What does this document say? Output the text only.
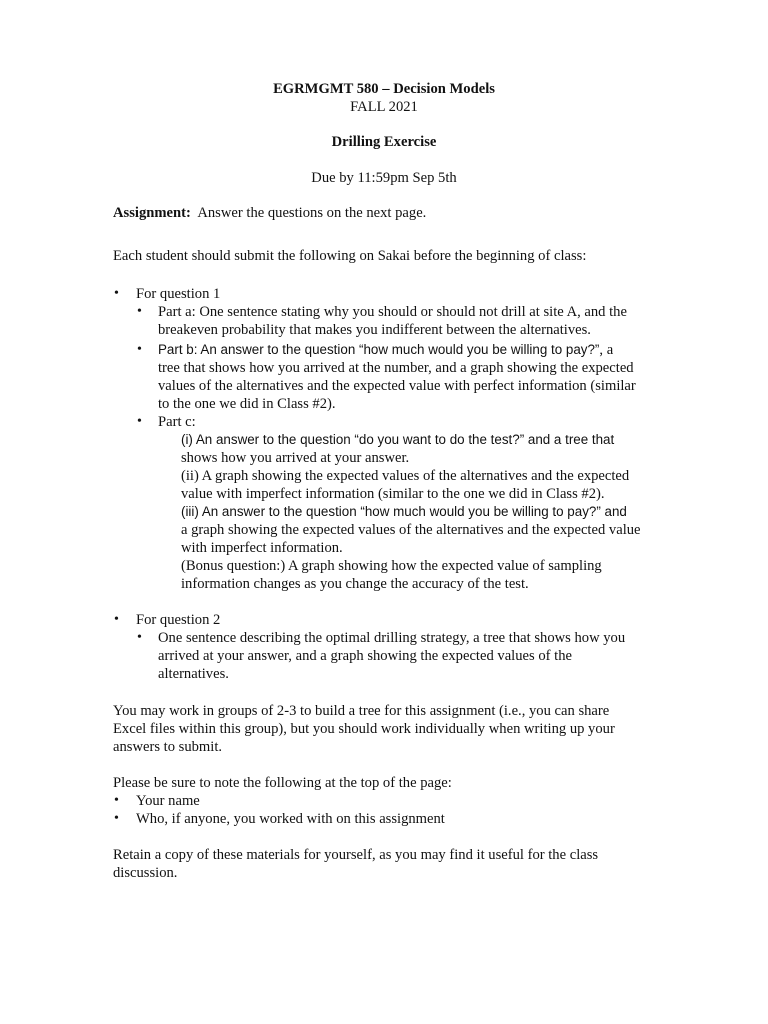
EGRMGMT 580 – Decision Models
FALL 2021
Drilling Exercise
Due by 11:59pm Sep 5th
Assignment: Answer the questions on the next page.
Each student should submit the following on Sakai before the beginning of class:
• For question 1
• Part a: One sentence stating why you should or should not drill at site A, and the
breakeven probability that makes you indifferent between the alternatives.
• Part b: An answer to the question “how much would you be willing to pay?”, a
tree that shows how you arrived at the number, and a graph showing the expected
values of the alternatives and the expected value with perfect information (similar
to the one we did in Class #2).
• Part c:
(i) An answer to the question “do you want to do the test?” and a tree that
shows how you arrived at your answer.
(ii) A graph showing the expected values of the alternatives and the expected
value with imperfect information (similar to the one we did in Class #2).
(iii) An answer to the question “how much would you be willing to pay?” and
a graph showing the expected values of the alternatives and the expected value
with imperfect information.
(Bonus question:) A graph showing how the expected value of sampling
information changes as you change the accuracy of the test.
• For question 2
• One sentence describing the optimal drilling strategy, a tree that shows how you
arrived at your answer, and a graph showing the expected values of the
alternatives.
You may work in groups of 2-3 to build a tree for this assignment (i.e., you can share
Excel files within this group), but you should work individually when writing up your
answers to submit.
Please be sure to note the following at the top of the page:
• Your name
• Who, if anyone, you worked with on this assignment
Retain a copy of these materials for yourself, as you may find it useful for the class
discussion.
